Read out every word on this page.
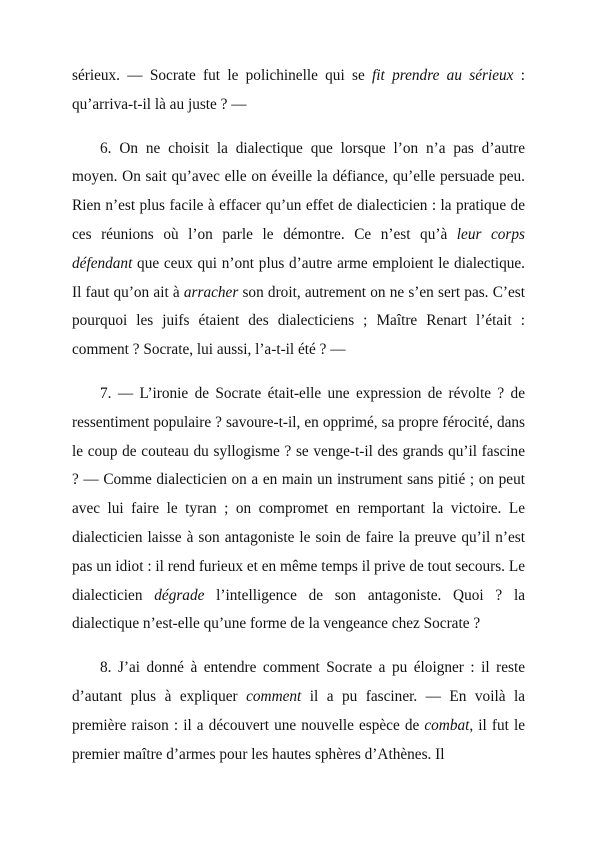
sérieux. — Socrate fut le polichinelle qui se fit prendre au sérieux : qu’arriva-t-il là au juste ? —

6. On ne choisit la dialectique que lorsque l’on n’a pas d’autre moyen. On sait qu’avec elle on éveille la défiance, qu’elle persuade peu. Rien n’est plus facile à effacer qu’un effet de dialecticien : la pratique de ces réunions où l’on parle le démontre. Ce n’est qu’à leur corps défendant que ceux qui n’ont plus d’autre arme emploient le dialectique. Il faut qu’on ait à arracher son droit, autrement on ne s’en sert pas. C’est pourquoi les juifs étaient des dialecticiens ; Maître Renart l’était : comment ? Socrate, lui aussi, l’a-t-il été ? —

7. — L’ironie de Socrate était-elle une expression de révolte ? de ressentiment populaire ? savoure-t-il, en opprimé, sa propre férocité, dans le coup de couteau du syllogisme ? se venge-t-il des grands qu’il fascine ? — Comme dialecticien on a en main un instrument sans pitié ; on peut avec lui faire le tyran ; on compromet en remportant la victoire. Le dialecticien laisse à son antagoniste le soin de faire la preuve qu’il n’est pas un idiot : il rend furieux et en même temps il prive de tout secours. Le dialecticien dégrade l’intelligence de son antagoniste. Quoi ? la dialectique n’est-elle qu’une forme de la vengeance chez Socrate ?

8. J’ai donné à entendre comment Socrate a pu éloigner : il reste d’autant plus à expliquer comment il a pu fasciner. — En voilà la première raison : il a découvert une nouvelle espèce de combat, il fut le premier maître d’armes pour les hautes sphères d’Athènes. Il
